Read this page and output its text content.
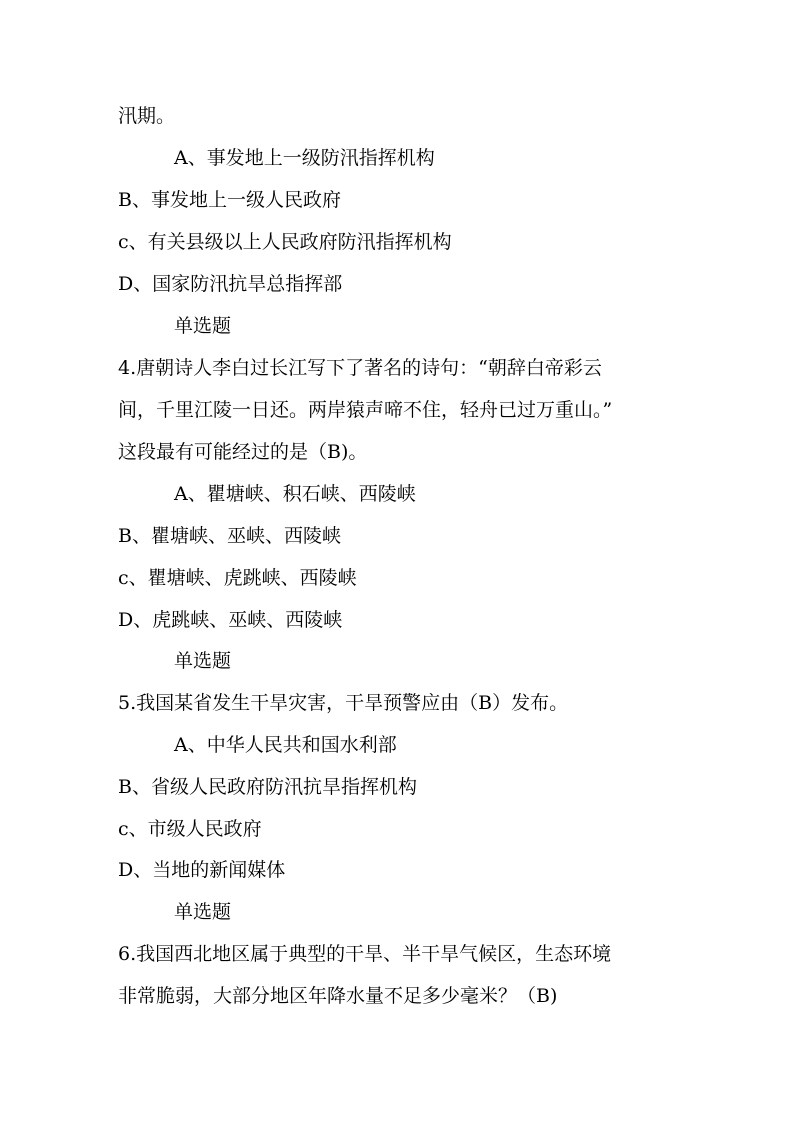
汛期。
A、事发地上一级防汛指挥机构
B、事发地上一级人民政府
c、有关县级以上人民政府防汛指挥机构
D、国家防汛抗旱总指挥部
单选题
4.唐朝诗人李白过长江写下了著名的诗句：“朝辞白帝彩云
间，千里江陵一日还。两岸猿声啼不住，轻舟已过万重山。”
这段最有可能经过的是（B)。
A、瞿塘峡、积石峡、西陵峡
B、瞿塘峡、巫峡、西陵峡
c、瞿塘峡、虎跳峡、西陵峡
D、虎跳峡、巫峡、西陵峡
单选题
5.我国某省发生干旱灾害，干旱预警应由（B）发布。
A、中华人民共和国水利部
B、省级人民政府防汛抗旱指挥机构
c、市级人民政府
D、当地的新闻媒体
单选题
6.我国西北地区属于典型的干旱、半干旱气候区，生态环境
非常脆弱，大部分地区年降水量不足多少毫米？（B)
